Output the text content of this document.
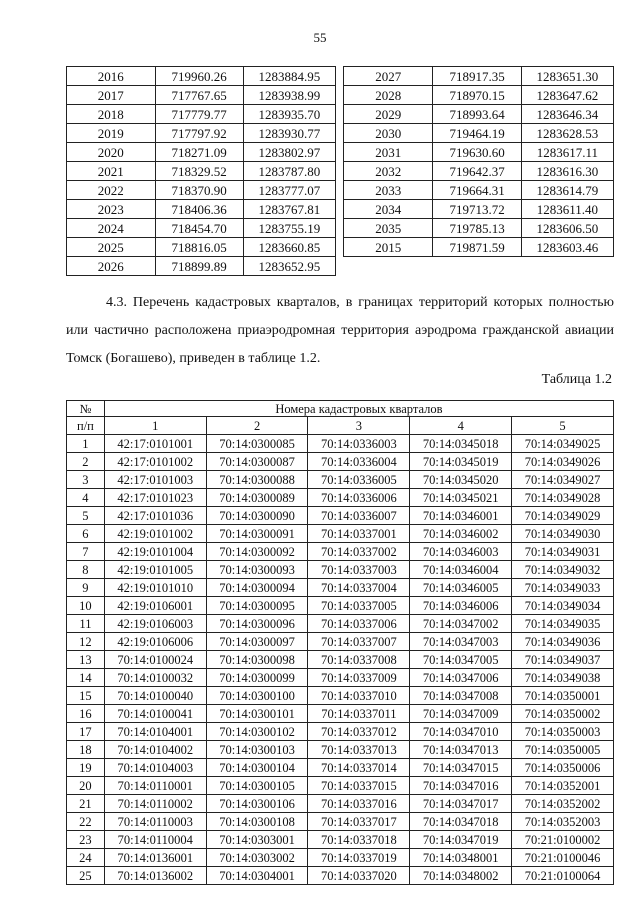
55
2016	719960.26	1283884.95
2017	717767.65	1283938.99
2018	717779.77	1283935.70
2019	717797.92	1283930.77
2020	718271.09	1283802.97
2021	718329.52	1283787.80
2022	718370.90	1283777.07
2023	718406.36	1283767.81
2024	718454.70	1283755.19
2025	718816.05	1283660.85
2026	718899.89	1283652.95
2027	718917.35	1283651.30
2028	718970.15	1283647.62
2029	718993.64	1283646.34
2030	719464.19	1283628.53
2031	719630.60	1283617.11
2032	719642.37	1283616.30
2033	719664.31	1283614.79
2034	719713.72	1283611.40
2035	719785.13	1283606.50
2015	719871.59	1283603.46

4.3. Перечень кадастровых кварталов, в границах территорий которых полностью или частично расположена приаэродромная территория аэродрома гражданской авиации Томск (Богашево), приведен в таблице 1.2.

Таблица 1.2
№	Номера кадастровых кварталов				
п/п	1	2	3	4	5
1	42:17:0101001	70:14:0300085	70:14:0336003	70:14:0345018	70:14:0349025
2	42:17:0101002	70:14:0300087	70:14:0336004	70:14:0345019	70:14:0349026
3	42:17:0101003	70:14:0300088	70:14:0336005	70:14:0345020	70:14:0349027
4	42:17:0101023	70:14:0300089	70:14:0336006	70:14:0345021	70:14:0349028
5	42:17:0101036	70:14:0300090	70:14:0336007	70:14:0346001	70:14:0349029
6	42:19:0101002	70:14:0300091	70:14:0337001	70:14:0346002	70:14:0349030
7	42:19:0101004	70:14:0300092	70:14:0337002	70:14:0346003	70:14:0349031
8	42:19:0101005	70:14:0300093	70:14:0337003	70:14:0346004	70:14:0349032
9	42:19:0101010	70:14:0300094	70:14:0337004	70:14:0346005	70:14:0349033
10	42:19:0106001	70:14:0300095	70:14:0337005	70:14:0346006	70:14:0349034
11	42:19:0106003	70:14:0300096	70:14:0337006	70:14:0347002	70:14:0349035
12	42:19:0106006	70:14:0300097	70:14:0337007	70:14:0347003	70:14:0349036
13	70:14:0100024	70:14:0300098	70:14:0337008	70:14:0347005	70:14:0349037
14	70:14:0100032	70:14:0300099	70:14:0337009	70:14:0347006	70:14:0349038
15	70:14:0100040	70:14:0300100	70:14:0337010	70:14:0347008	70:14:0350001
16	70:14:0100041	70:14:0300101	70:14:0337011	70:14:0347009	70:14:0350002
17	70:14:0104001	70:14:0300102	70:14:0337012	70:14:0347010	70:14:0350003
18	70:14:0104002	70:14:0300103	70:14:0337013	70:14:0347013	70:14:0350005
19	70:14:0104003	70:14:0300104	70:14:0337014	70:14:0347015	70:14:0350006
20	70:14:0110001	70:14:0300105	70:14:0337015	70:14:0347016	70:14:0352001
21	70:14:0110002	70:14:0300106	70:14:0337016	70:14:0347017	70:14:0352002
22	70:14:0110003	70:14:0300108	70:14:0337017	70:14:0347018	70:14:0352003
23	70:14:0110004	70:14:0303001	70:14:0337018	70:14:0347019	70:21:0100002
24	70:14:0136001	70:14:0303002	70:14:0337019	70:14:0348001	70:21:0100046
25	70:14:0136002	70:14:0304001	70:14:0337020	70:14:0348002	70:21:0100064
